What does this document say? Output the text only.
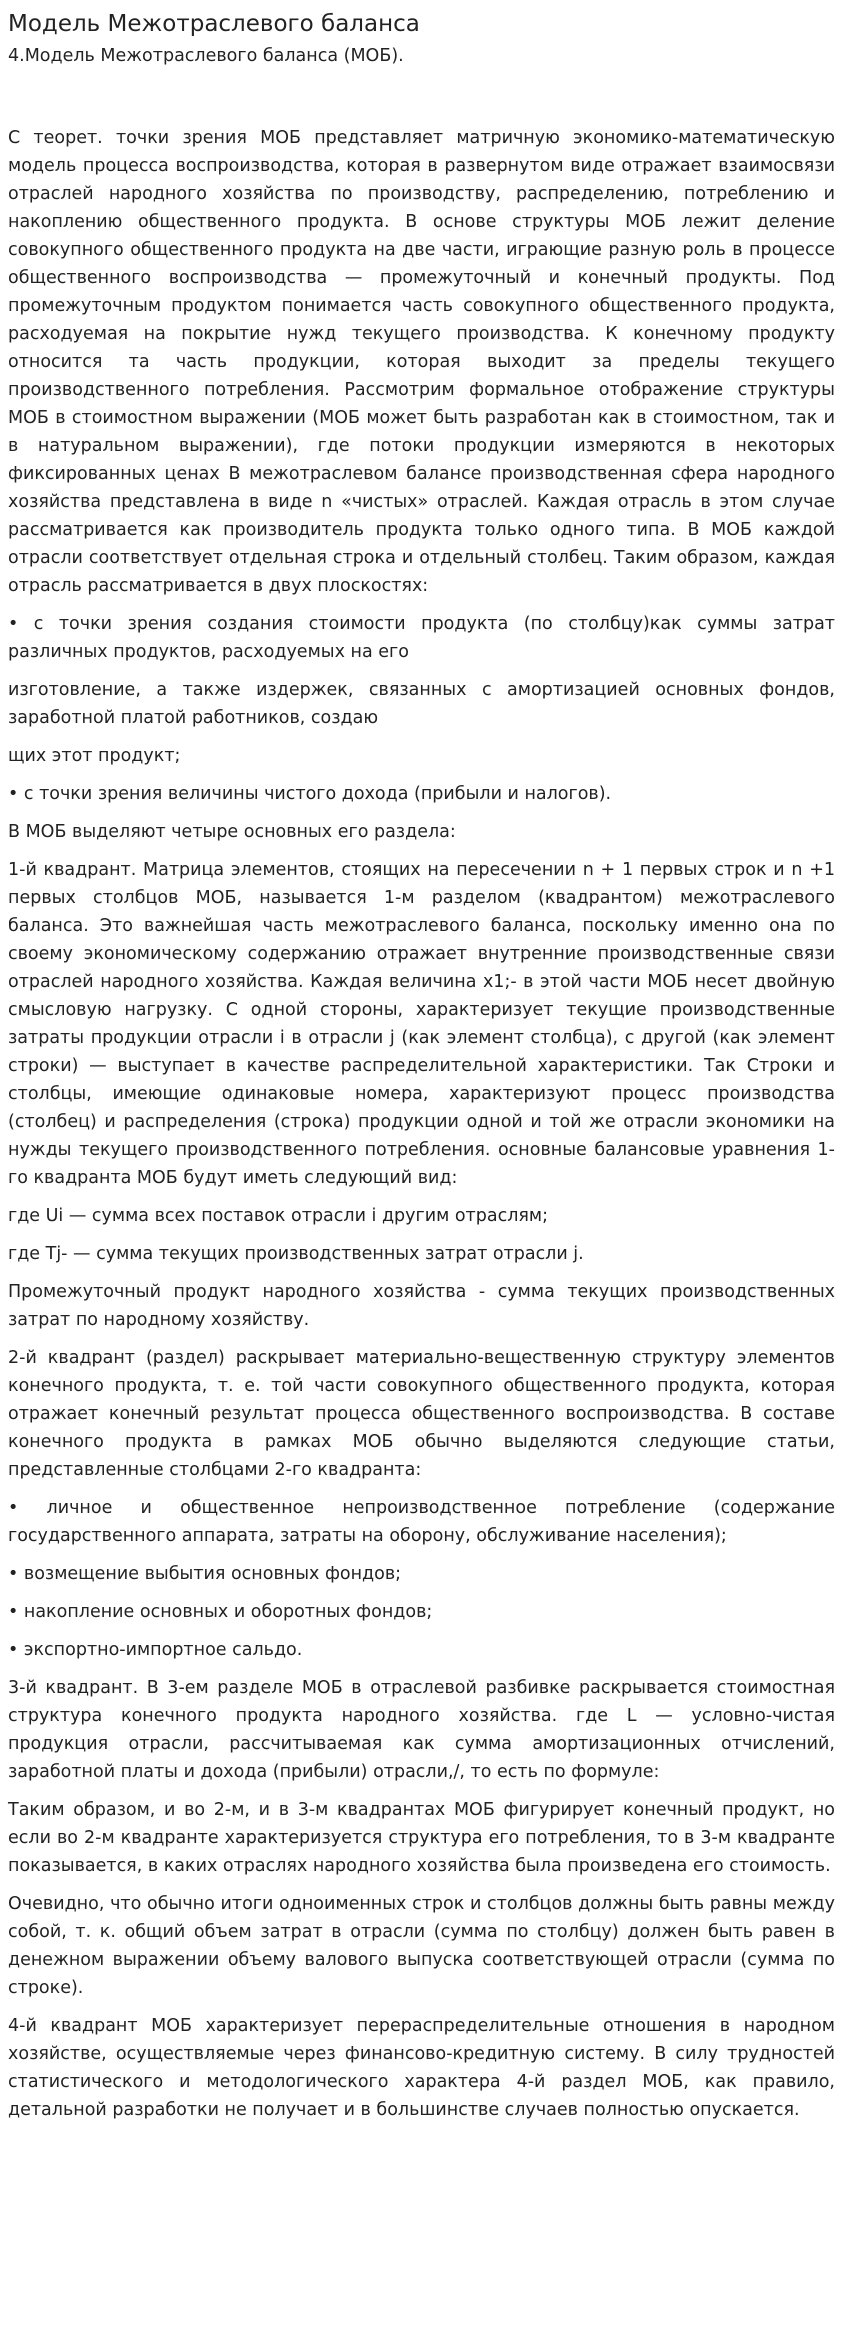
Модель Межотраслевого баланса
4.Модель Межотраслевого баланса (МОБ).

С теорет. точки зрения МОБ представляет матричную экономико-математическую модель процесса воспроизводства, которая в развернутом виде отражает взаимосвязи отраслей народного хозяйства по производству, распределению, потреблению и накоплению общественного продукта. В основе структуры МОБ лежит деление совокупного общественного продукта на две части, играющие разную роль в процессе общественного воспроизводства — промежуточный и конечный продукты. Под промежуточным продуктом понимается часть совокупного общественного продукта, расходуемая на покрытие нужд текущего производства. К конечному продукту относится та часть продукции, которая выходит за пределы текущего производственного потребления. Рассмотрим формальное отображение структуры МОБ в стоимостном выражении (МОБ может быть разработан как в стоимостном, так и в натуральном выражении), где потоки продукции измеряются в некоторых фиксированных ценах В межотраслевом балансе производственная сфера народного хозяйства представлена в виде n «чистых» отраслей. Каждая отрасль в этом случае рассматривается как производитель продукта только одного типа. В МОБ каждой отрасли соответствует отдельная строка и отдельный столбец. Таким образом, каждая отрасль рассматривается в двух плоскостях:

• с точки зрения создания стоимости продукта (по столбцу)как суммы затрат различных продуктов, расходуемых на его

изготовление, а также издержек, связанных с амортизацией основных фондов, заработной платой работников, создаю

щих этот продукт;

• с точки зрения величины чистого дохода (прибыли и налогов).

В МОБ выделяют четыре основных его раздела:

1-й квадрант. Матрица элементов, стоящих на пересечении n + 1 первых строк и n +1 первых столбцов МОБ, называется 1-м разделом (квадрантом) межотраслевого баланса. Это важнейшая часть межотраслевого баланса, поскольку именно она по своему экономическому содержанию отражает внутренние производственные связи отраслей народного хозяйства. Каждая величина x1;- в этой части МОБ несет двойную смысловую нагрузку. С одной стороны, характеризует текущие производственные затраты продукции отрасли i в отрасли j (как элемент столбца), с другой (как элемент строки) — выступает в качестве распределительной характеристики. Так Строки и столбцы, имеющие одинаковые номера, характеризуют процесс производства (столбец) и распределения (строка) продукции одной и той же отрасли экономики на нужды текущего производственного потребления. основные балансовые уравнения 1-го квадранта МОБ будут иметь следующий вид:

где Ui — сумма всех поставок отрасли i другим отраслям;

где Tj- — сумма текущих производственных затрат отрасли j.

Промежуточный продукт народного хозяйства - сумма текущих производственных затрат по народному хозяйству.

2-й квадрант (раздел) раскрывает материально-вещественную структуру элементов конечного продукта, т. е. той части совокупного общественного продукта, которая отражает конечный результат процесса общественного воспроизводства. В составе конечного продукта в рамках МОБ обычно выделяются следующие статьи, представленные столбцами 2-го квадранта:

• личное и общественное непроизводственное потребление (содержание государственного аппарата, затраты на оборону, обслуживание населения);

• возмещение выбытия основных фондов;

• накопление основных и оборотных фондов;

• экспортно-импортное сальдо.

3-й квадрант. В 3-ем разделе МОБ в отраслевой разбивке раскрывается стоимостная структура конечного продукта народного хозяйства. где L — условно-чистая продукция отрасли, рассчитываемая как сумма амортизационных отчислений, заработной платы и дохода (прибыли) отрасли,/, то есть по формуле:

Таким образом, и во 2-м, и в 3-м квадрантах МОБ фигурирует конечный продукт, но если во 2-м квадранте характеризуется структура его потребления, то в 3-м квадранте показывается, в каких отраслях народного хозяйства была произведена его стоимость.

Очевидно, что обычно итоги одноименных строк и столбцов должны быть равны между собой, т. к. общий объем затрат в отрасли (сумма по столбцу) должен быть равен в денежном выражении объему валового выпуска соответствующей отрасли (сумма по строке).

4-й квадрант МОБ характеризует перераспределительные отношения в народном хозяйстве, осуществляемые через финансово-кредитную систему. В силу трудностей статистического и методологического характера 4-й раздел МОБ, как правило, детальной разработки не получает и в большинстве случаев полностью опускается.
